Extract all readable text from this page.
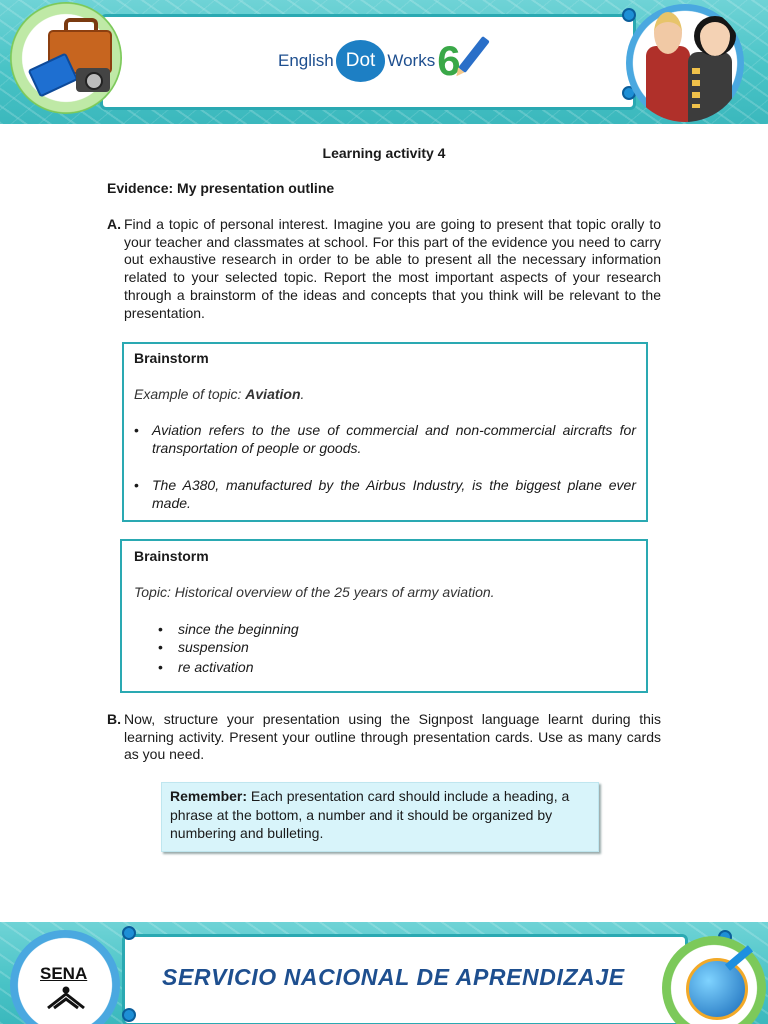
English Dot Works 6
Learning activity 4
Evidence: My presentation outline
A. Find a topic of personal interest. Imagine you are going to present that topic orally to your teacher and classmates at school. For this part of the evidence you need to carry out exhaustive research in order to be able to present all the necessary information related to your selected topic. Report the most important aspects of your research through a brainstorm of the ideas and concepts that you think will be relevant to the presentation.
Brainstorm
Example of topic: Aviation.
• Aviation refers to the use of commercial and non-commercial aircrafts for transportation of people or goods.
• The A380, manufactured by the Airbus Industry, is the biggest plane ever made.
Brainstorm
Topic: Historical overview of the 25 years of army aviation.
• since the beginning
• suspension
• re activation
B. Now, structure your presentation using the Signpost language learnt during this learning activity. Present your outline through presentation cards. Use as many cards as you need.
Remember: Each presentation card should include a heading, a phrase at the bottom, a number and it should be organized by numbering and bulleting.
SENA	SERVICIO NACIONAL DE APRENDIZAJE
